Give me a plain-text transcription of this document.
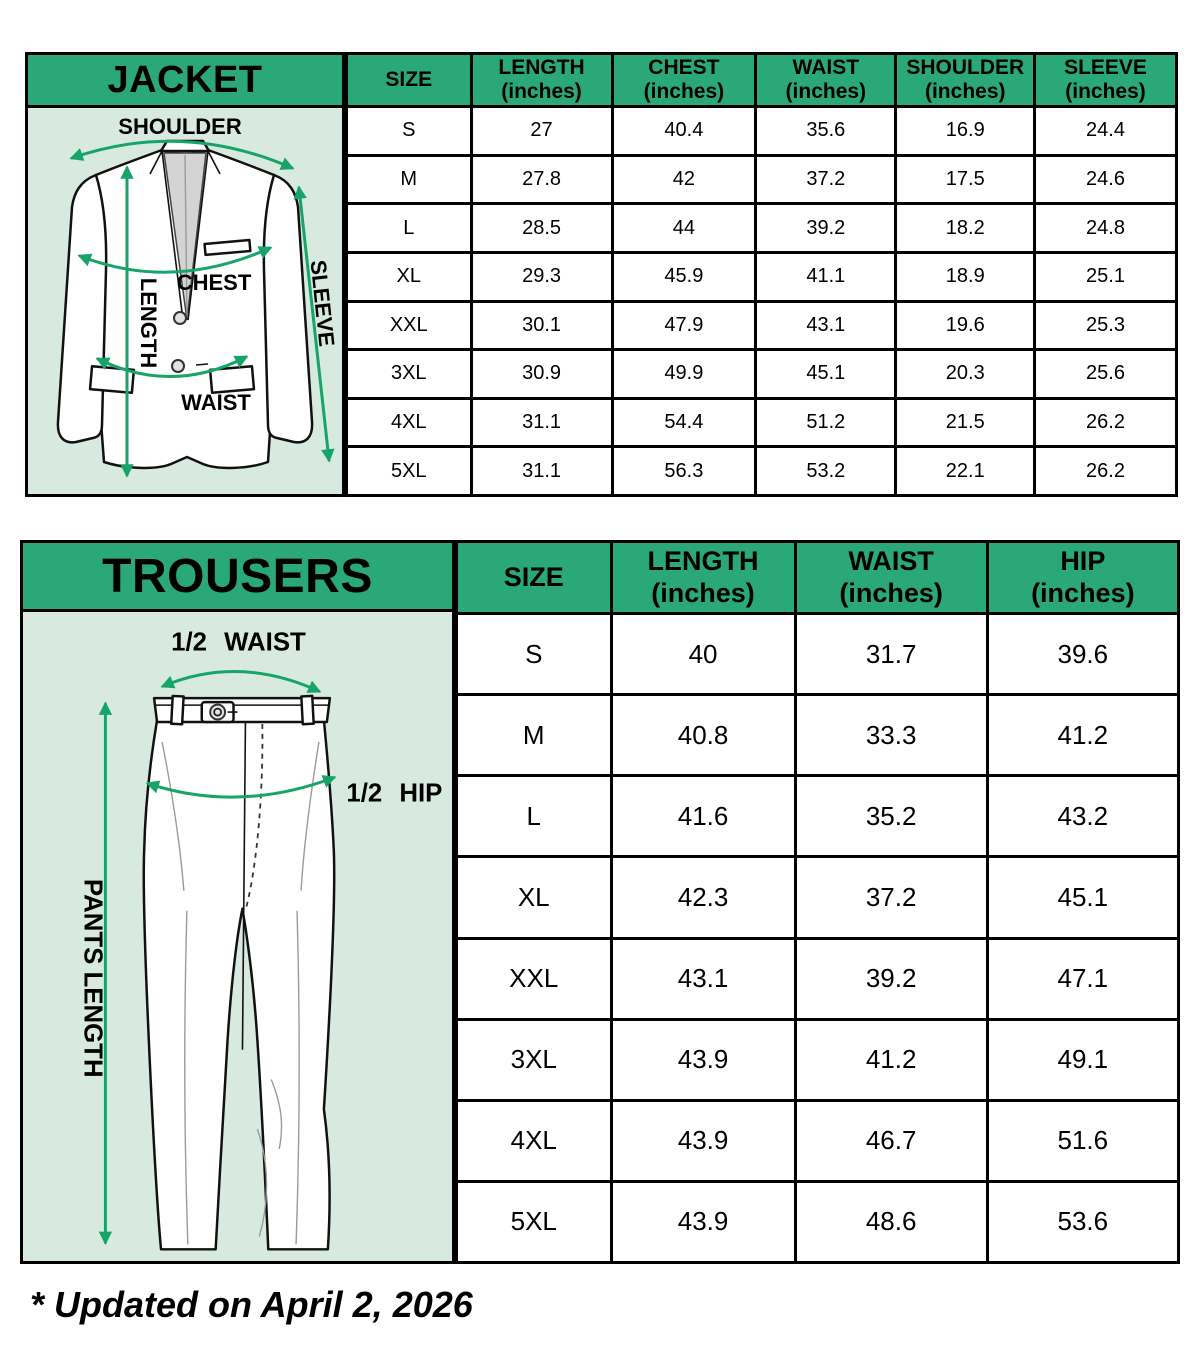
JACKET
SHOULDER
CHEST
WAIST
LENGTH	SLEEVE
SIZE

LENGTH
(inches)

CHEST
(inches)

WAIST
(inches)

SHOULDER
(inches)

SLEEVE
(inches)

S	27	40.4	35.6	16.9	24.4
M	27.8	42	37.2	17.5	24.6
L	28.5	44	39.2	18.2	24.8
XL	29.3	45.9	41.1	18.9	25.1
XXL	30.1	47.9	43.1	19.6	25.3
3XL	30.9	49.9	45.1	20.3	25.6
4XL	31.1	54.4	51.2	21.5	26.2
5XL	31.1	56.3	53.2	22.1	26.2
TROUSERS
1/2 WAIST
1/2 HIP
PANTS LENGTH
SIZE

LENGTH
(inches)

WAIST
(inches)

HIP
(inches)

S	40	31.7	39.6
M	40.8	33.3	41.2
L	41.6	35.2	43.2
XL	42.3	37.2	45.1
XXL	43.1	39.2	47.1
3XL	43.9	41.2	49.1
4XL	43.9	46.7	51.6
5XL	43.9	48.6	53.6
* Updated on April 2, 2026
